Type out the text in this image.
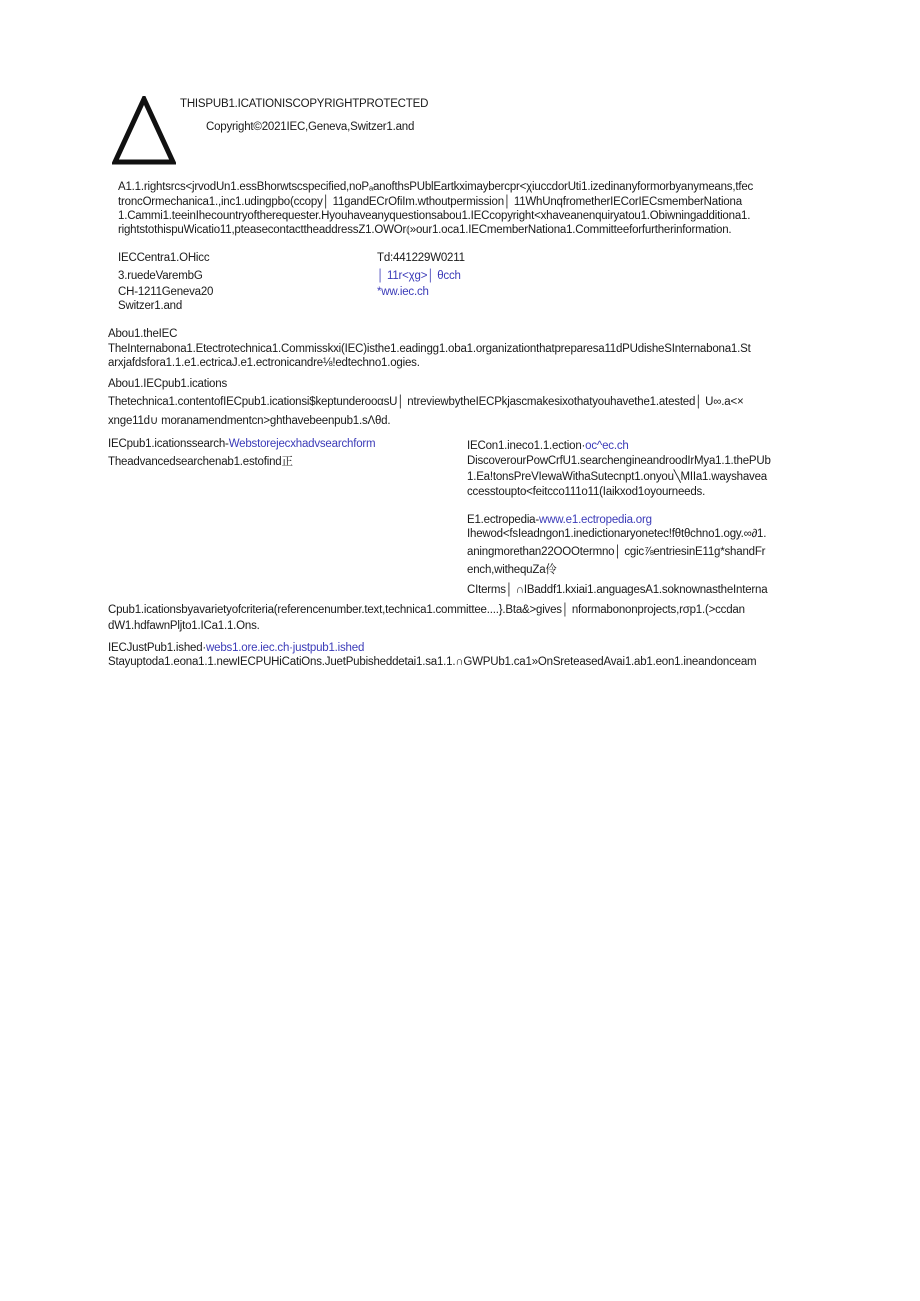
THISPUB1.ICATIONISCOPYRIGHTPROTECTED
Copyright©2021IEC,Geneva,Switzer1.and
A1.1.rightsrcs<jrvodUn1.essBhorwtscspecified,noPₐanofthsPUblEartkximaybercpr<χiuccdorUti1.izedinanyformorbyanymeans,tfec
troncOrmechanica1.,inc1.udingpbo(ccopy│ 11gandECrOfiIm.wthoutpermission│ 11WhUnqfrometherIECorIECsmemberNationa
1.Cammi1.teeinIhecountryoftherequester.Hyouhaveanyquestionsabou1.IECcopyright<xhaveanenquiryatou1.Obiwningadditiona1.
rightstothispuWicatio11,pteasecontacttheaddressZ1.OWOr⦅»our1.oca1.IECmemberNationa1.Committeeforfurtherinformation.
IECCentra1.OHicc
3.ruedeVarembG
CH-1211Geneva20
Switzer1.and
Td:441229W0211
│ 11r<χg>│ θcch
*ww.iec.ch
Abou1.theIEC
TheInternabona1.Etectrotechnica1.Commisskxi(IEC)isthe1.eadingg1.oba1.organizationthatpreparesa11dPUdisheSInternabona1.St
arxjafdsfora1.1.e1.ectricaJ.e1.ectronicandre⅛!edtechno1.ogies.
Abou1.IECpub1.ications
Thetechnica1.contentofIECpub1.icationsi$keptunderooαsU│ ntreviewbytheIECPkjascmakesixothatyouhavethe1.atested│ U∞.a<×
xnge11d∪ moranamendmentcn>ghthavebeenpub1.sΛθd.
IECpub1.icationssearch-Webstorejecxhadvsearchform
Theadvancedsearchenab1.estofind正
IECon1.ineco1.1.ection·oc^ec.ch
DiscoverourPowCrfU1.searchengineandroodIrMya1.1.thePUb
1.Ea!tonsPreVIewaWithaSutecnpt1.onyou╲MIIa1.wayshavea
ccesstoupto<feitcco111o11(Iaikxod1oyourneeds.
E1.ectropedia-www.e1.ectropedia.org
Ihewod<fsIeadngon1.inedictionaryonetec!fθtθchno1.ogy.∞∂1.
aningmorethan22OOOtermno│ cgic⅞entriesinE11g*shandFr
ench,withequZa伶
CIterms│ ∩IBaddf1.kxiai1.anguagesA1.soknownastheInterna
Cpub1.icationsbyavarietyofcriteria(referencenumber.text,technica1.committee....}.Bta&>gives│ nformabononprojects,rσp1.(>ccdan
dW1.hdfawnPljto1.ICa1.1.Ons.
IECJustPub1.ished·webs1.ore.iec.ch·justpub1.ished
Stayuptoda1.eona1.1.newIECPUHiCatiOns.JuetPubisheddetai1.sa1.1.∩GWPUb1.ca1»OnSreteasedAvai1.ab1.eon1.ineandonceam
